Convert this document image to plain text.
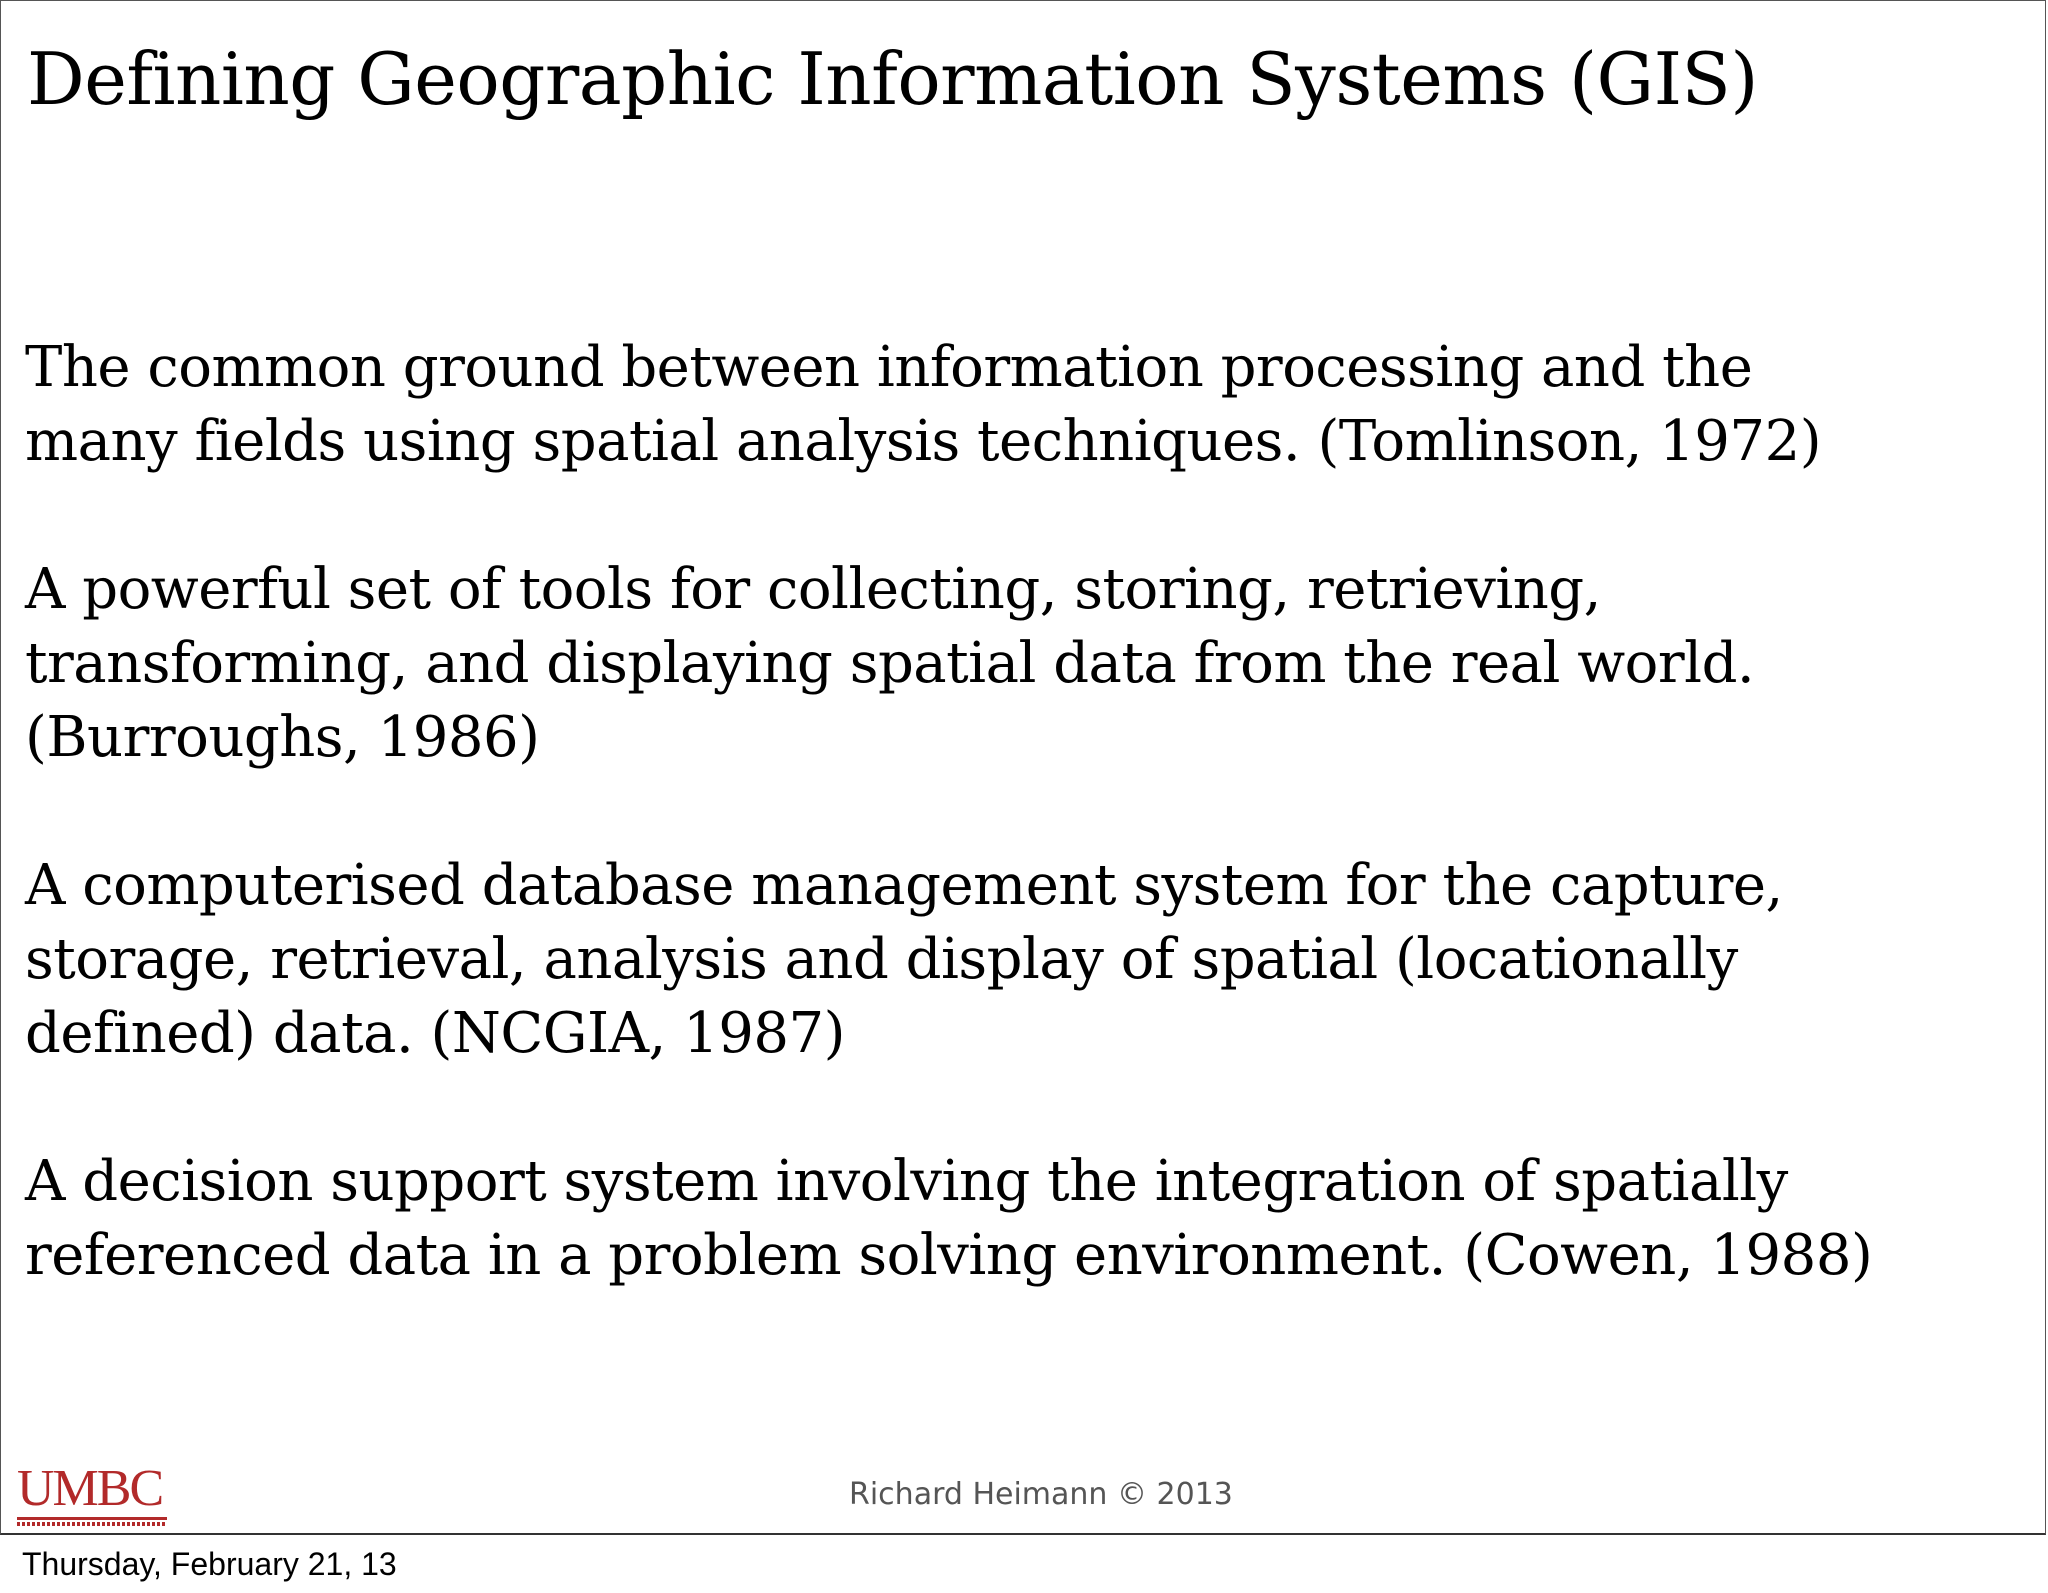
Defining Geographic Information Systems (GIS)
The common ground between information processing and the
many fields using spatial analysis techniques. (Tomlinson, 1972)
A powerful set of tools for collecting, storing, retrieving,
transforming, and displaying spatial data from the real world.
(Burroughs, 1986)
A computerised database management system for the capture,
storage, retrieval, analysis and display of spatial (locationally
defined) data. (NCGIA, 1987)
A decision support system involving the integration of spatially
referenced data in a problem solving environment. (Cowen, 1988)
UMBC	Richard Heimann © 2013
Thursday, February 21, 13
